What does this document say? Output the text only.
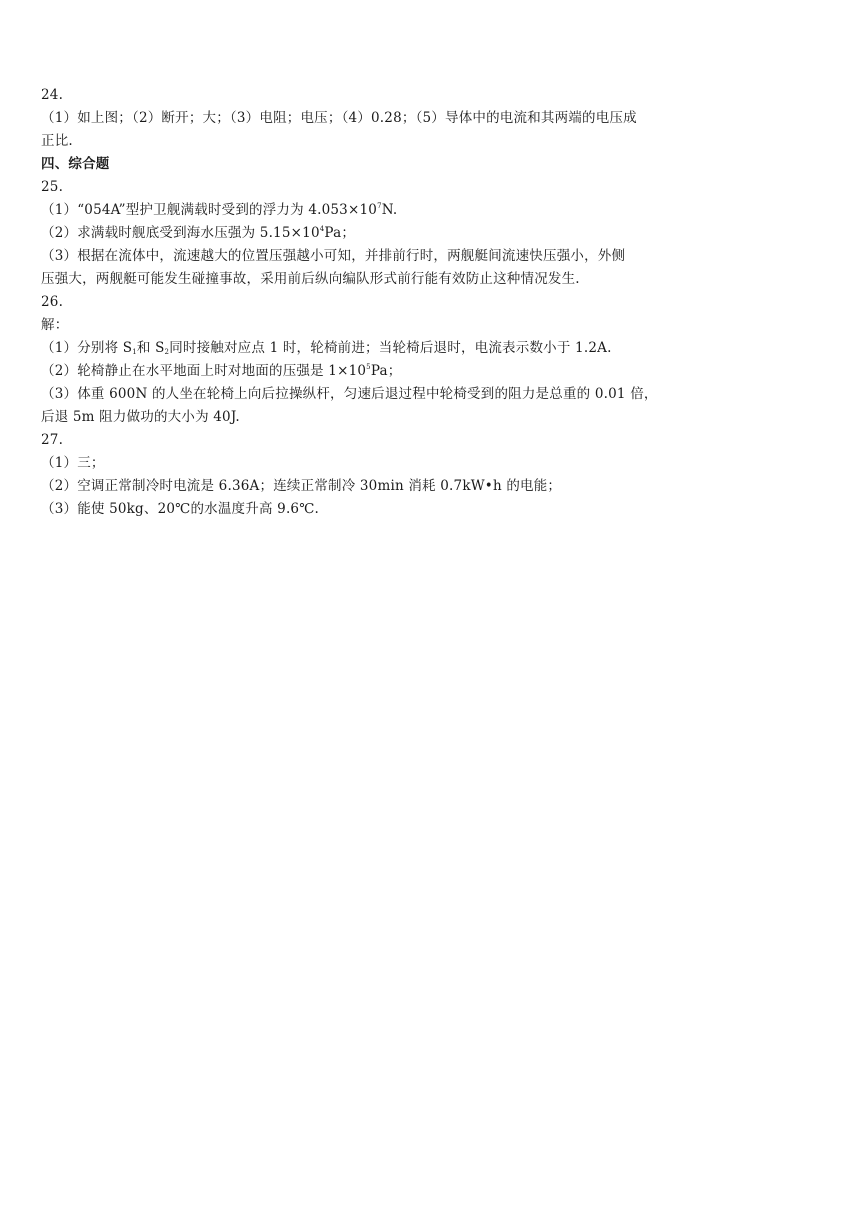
24.
（1）如上图；（2）断开；大；（3）电阻；电压；（4）0.28；（5）导体中的电流和其两端的电压成
正比.
四、综合题
25.
（1）“054A”型护卫舰满载时受到的浮力为 $4.053\times 10^7N$.
（2）求满载时舰底受到海水压强为 $5.15\times 10^4Pa$；
（3）根据在流体中，流速越大的位置压强越小可知，并排前行时，两舰艇间流速快压强小，外侧
压强大，两舰艇可能发生碰撞事故，采用前后纵向编队形式前行能有效防止这种情况发生.
26.
解：
（1）分别将 $S_1$和 $S_2$同时接触对应点 1 时，轮椅前进；当轮椅后退时，电流表示数小于 1.2A.
（2）轮椅静止在水平地面上时对地面的压强是 $1\times 10^5Pa$；
（3）体重 600N 的人坐在轮椅上向后拉操纵杆，匀速后退过程中轮椅受到的阻力是总重的 0.01 倍，
后退 5m 阻力做功的大小为 40J.
27.
（1）三；
（2）空调正常制冷时电流是 6.36A；连续正常制冷 30min 消耗 0.7kW•h 的电能；
（3）能使 50kg、20℃的水温度升高 9.6℃.
